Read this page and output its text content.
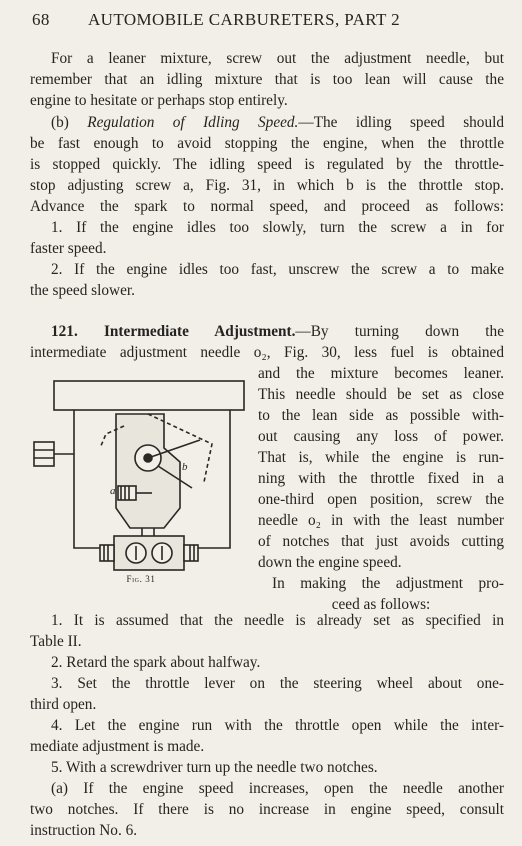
68 AUTOMOBILE CARBURETERS, PART 2
For a leaner mixture, screw out the adjustment needle, but
remember that an idling mixture that is too lean will cause the
engine to hesitate or perhaps stop entirely.
(b) Regulation of Idling Speed.—The idling speed should
be fast enough to avoid stopping the engine, when the throttle
is stopped quickly. The idling speed is regulated by the throttle-
stop adjusting screw a, Fig. 31, in which b is the throttle stop.
Advance the spark to normal speed, and proceed as follows:
1. If the engine idles too slowly, turn the screw a in for
faster speed.
2. If the engine idles too fast, unscrew the screw a to make
the speed slower.
121. Intermediate Adjustment.—By turning down the
intermediate adjustment needle o₂, Fig. 30, less fuel is obtained
and the mixture becomes leaner.
This needle should be set as close
to the lean side as possible with-
out causing any loss of power.
That is, while the engine is run-
ning with the throttle fixed in a
one-third open position, screw the
needle o₂ in with the least number
of notches that just avoids cutting
down the engine speed.
In making the adjustment pro-
ceed as follows:
a
b
Fig. 31
1. It is assumed that the needle is already set as specified in
Table II.
2. Retard the spark about halfway.
3. Set the throttle lever on the steering wheel about one-
third open.
4. Let the engine run with the throttle open while the inter-
mediate adjustment is made.
5. With a screwdriver turn up the needle two notches.
(a) If the engine speed increases, open the needle another
two notches. If there is no increase in engine speed, consult
instruction No. 6.
